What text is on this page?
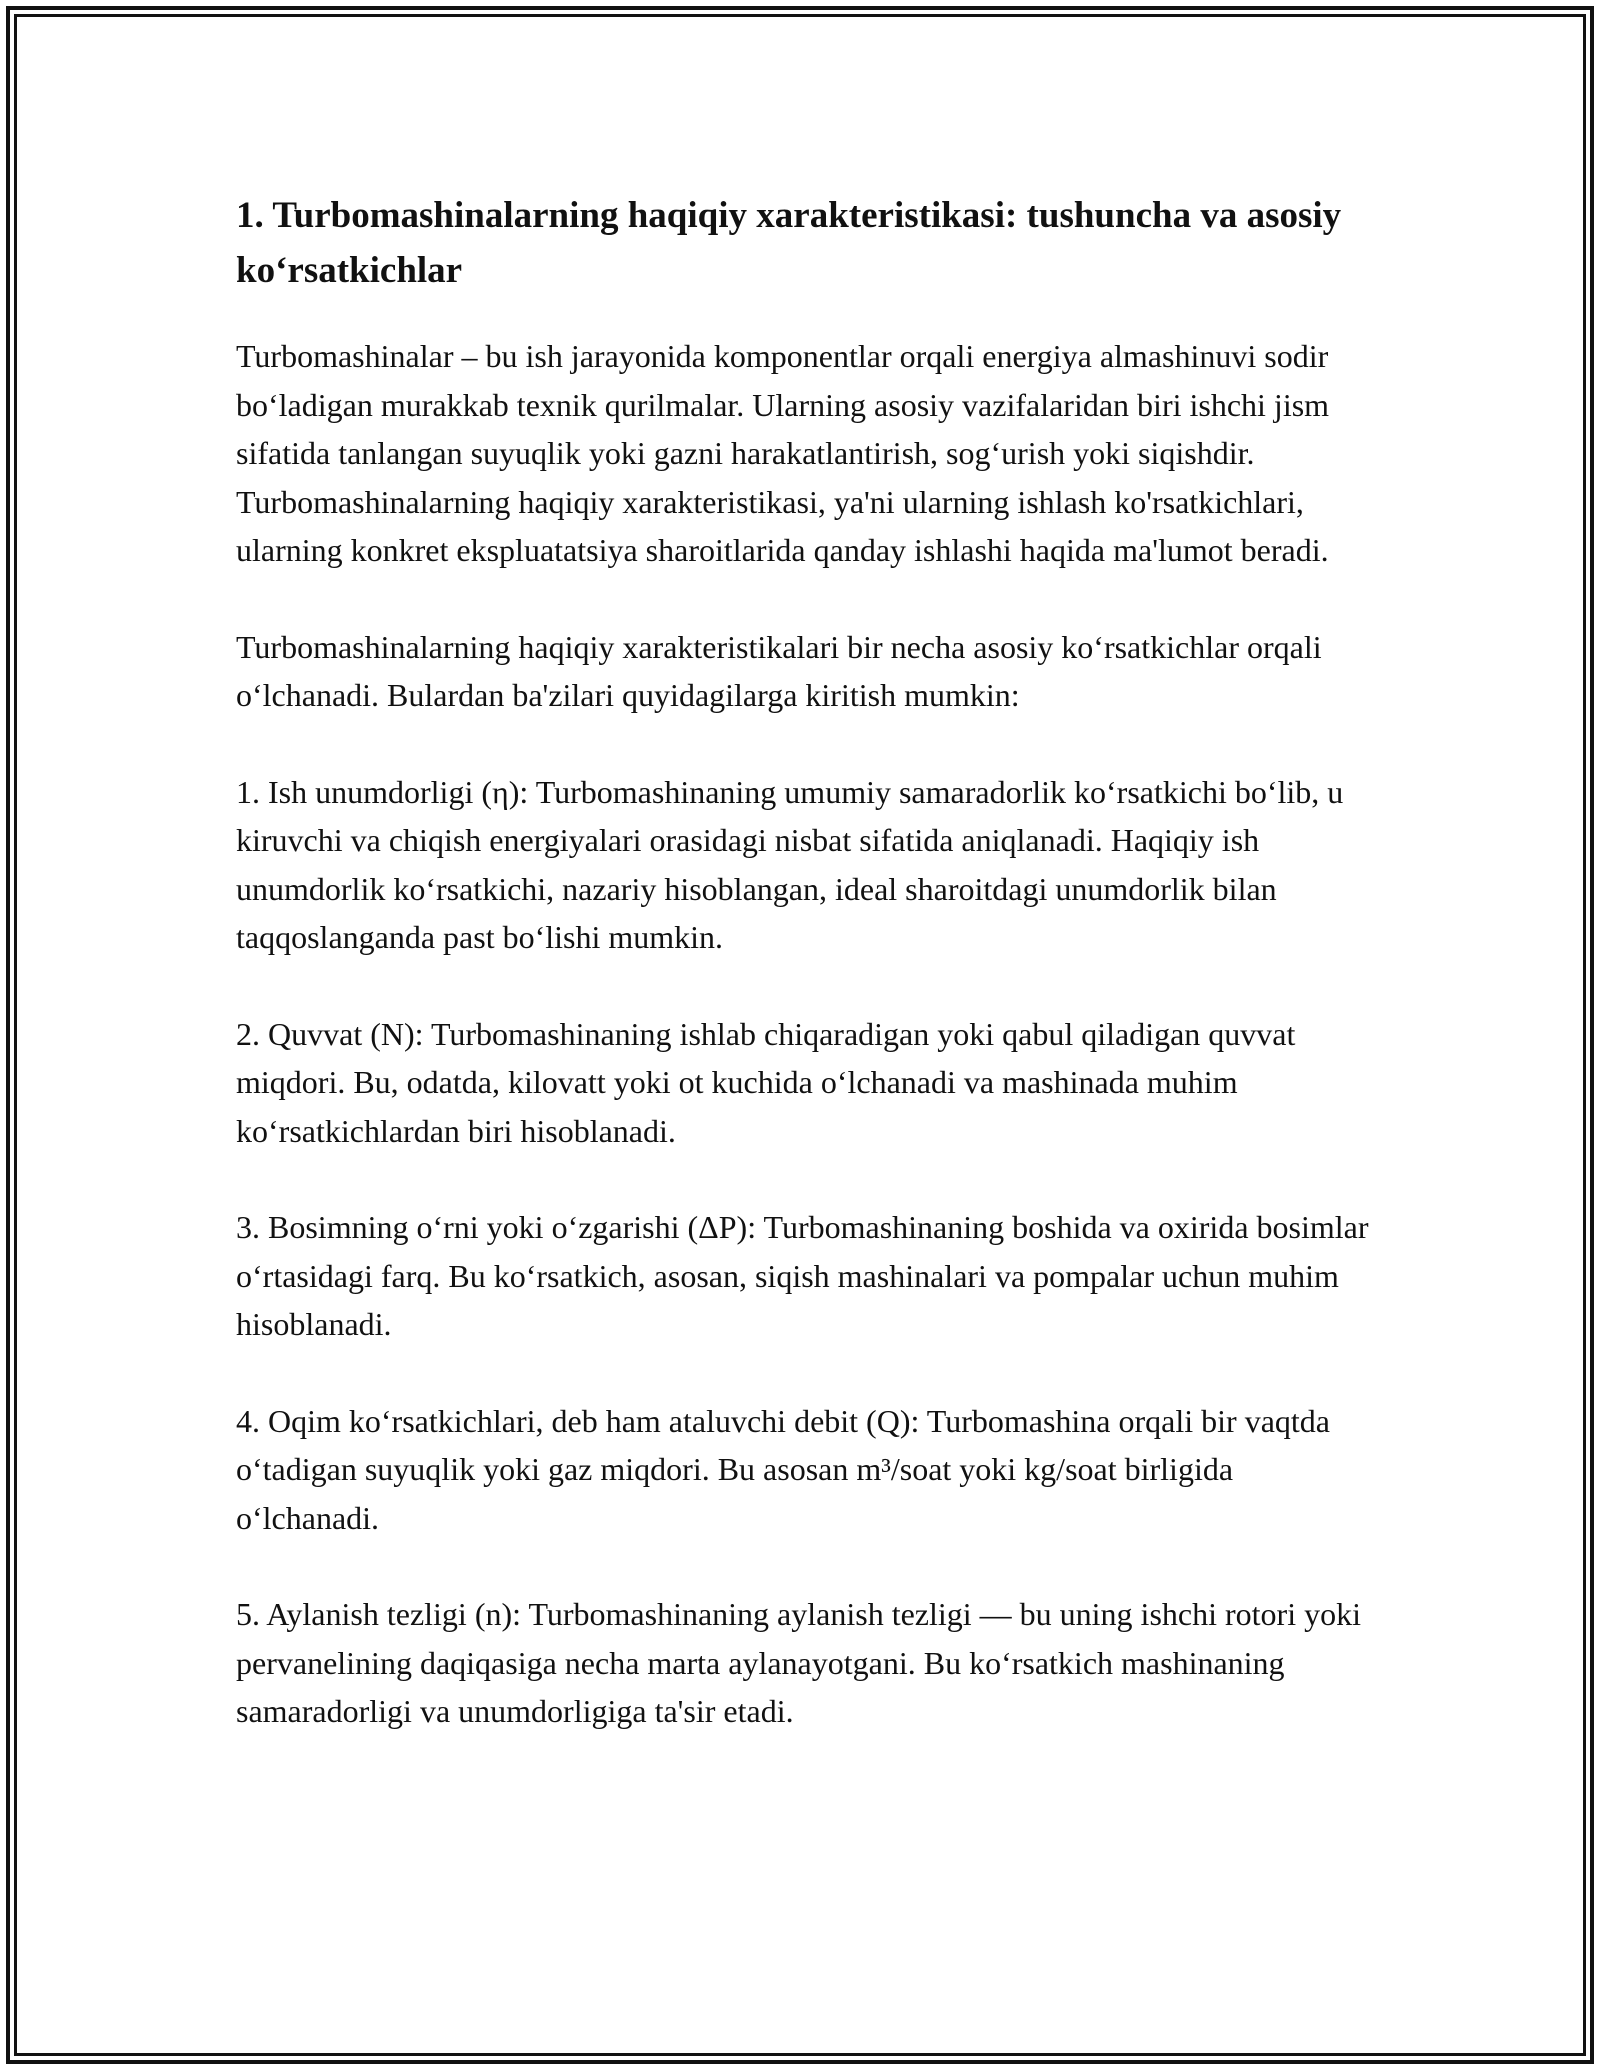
1. Turbomashinalarning haqiqiy xarakteristikasi: tushuncha va asosiy ko‘rsatkichlar

Turbomashinalar – bu ish jarayonida komponentlar orqali energiya almashinuvi sodir bo‘ladigan murakkab texnik qurilmalar. Ularning asosiy vazifalaridan biri ishchi jism sifatida tanlangan suyuqlik yoki gazni harakatlantirish, sog‘urish yoki siqishdir. Turbomashinalarning haqiqiy xarakteristikasi, ya'ni ularning ishlash ko'rsatkichlari, ularning konkret ekspluatatsiya sharoitlarida qanday ishlashi haqida ma'lumot beradi.

Turbomashinalarning haqiqiy xarakteristikalari bir necha asosiy ko‘rsatkichlar orqali o‘lchanadi. Bulardan ba'zilari quyidagilarga kiritish mumkin:

1. Ish unumdorligi (η): Turbomashinaning umumiy samaradorlik ko‘rsatkichi bo‘lib, u kiruvchi va chiqish energiyalari orasidagi nisbat sifatida aniqlanadi. Haqiqiy ish unumdorlik ko‘rsatkichi, nazariy hisoblangan, ideal sharoitdagi unumdorlik bilan taqqoslanganda past bo‘lishi mumkin.

2. Quvvat (N): Turbomashinaning ishlab chiqaradigan yoki qabul qiladigan quvvat miqdori. Bu, odatda, kilovatt yoki ot kuchida o‘lchanadi va mashinada muhim ko‘rsatkichlardan biri hisoblanadi.

3. Bosimning o‘rni yoki o‘zgarishi (ΔP): Turbomashinaning boshida va oxirida bosimlar o‘rtasidagi farq. Bu ko‘rsatkich, asosan, siqish mashinalari va pompalar uchun muhim hisoblanadi.

4. Oqim ko‘rsatkichlari, deb ham ataluvchi debit (Q): Turbomashina orqali bir vaqtda o‘tadigan suyuqlik yoki gaz miqdori. Bu asosan m³/soat yoki kg/soat birligida o‘lchanadi.

5. Aylanish tezligi (n): Turbomashinaning aylanish tezligi — bu uning ishchi rotori yoki pervanelining daqiqasiga necha marta aylanayotgani. Bu ko‘rsatkich mashinaning samaradorligi va unumdorligiga ta'sir etadi.
